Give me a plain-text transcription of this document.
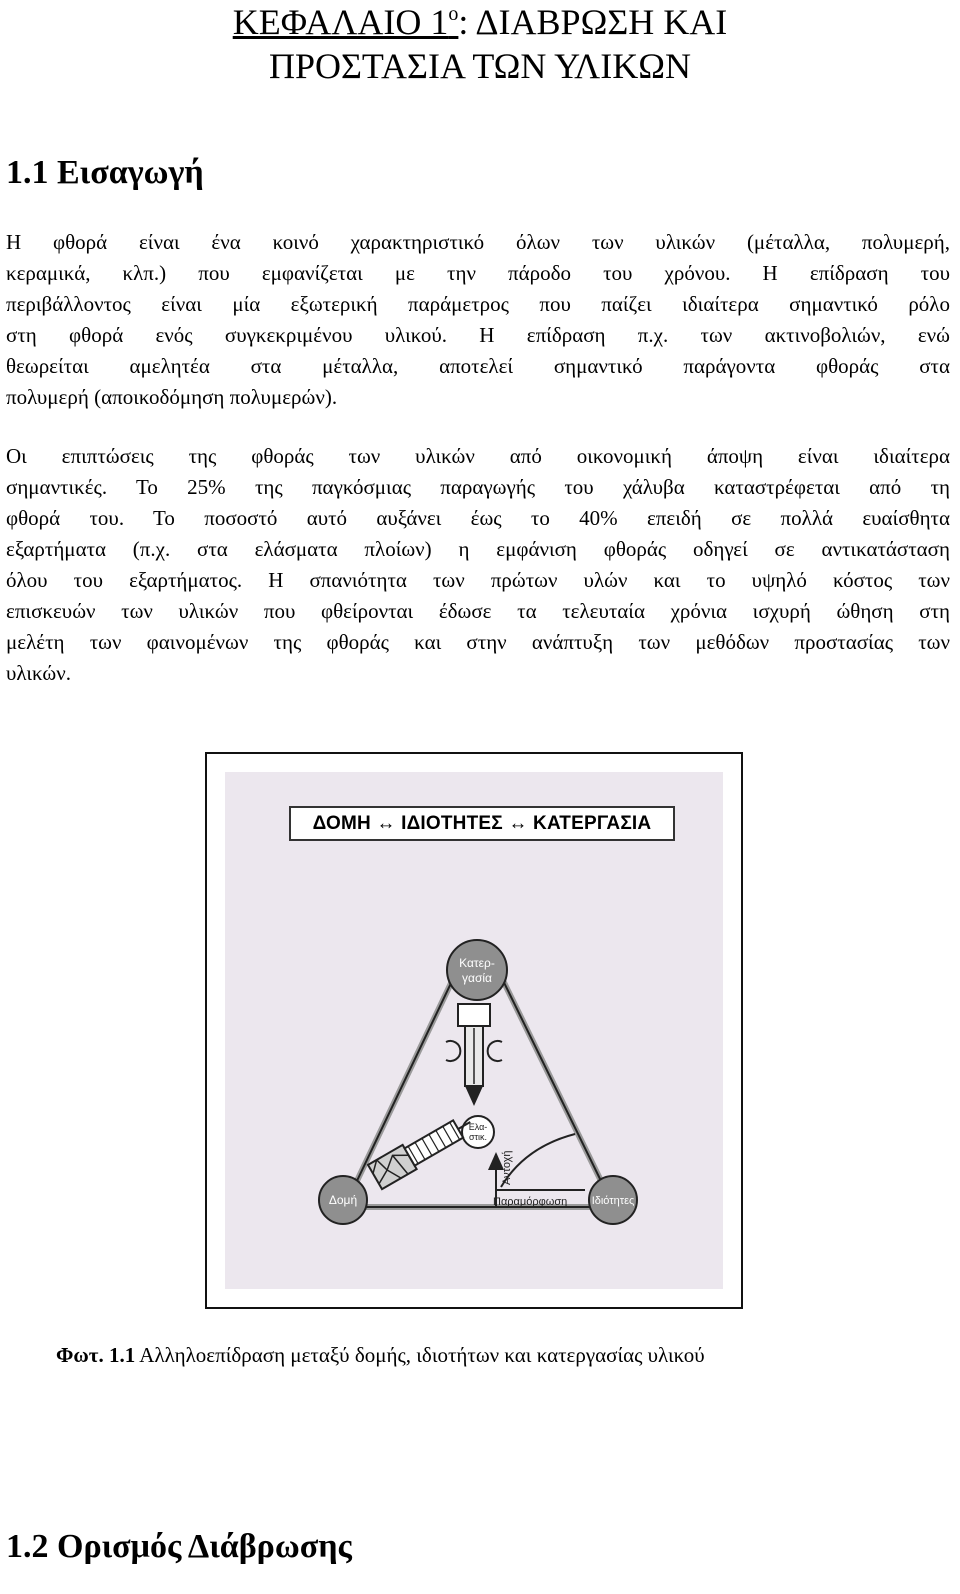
ΚΕΦΑΛΑΙΟ $1^o$: ΔΙΑΒΡΩΣΗ ΚΑΙ
ΠΡΟΣΤΑΣΙΑ ΤΩΝ ΥΛΙΚΩΝ
1.1 Εισαγωγή
Η φθορά είναι ένα κοινό χαρακτηριστικό όλων των υλικών (μέταλλα, πολυμερή,
κεραμικά, κλπ.) που εμφανίζεται με την πάροδο του χρόνου. Η επίδραση του
περιβάλλοντος είναι μία εξωτερική παράμετρος που παίζει ιδιαίτερα σημαντικό ρόλο
στη φθορά ενός συγκεκριμένου υλικού. Η επίδραση π.χ. των ακτινοβολιών, ενώ
θεωρείται αμελητέα στα μέταλλα, αποτελεί σημαντικό παράγοντα φθοράς στα
πολυμερή (αποικοδόμηση πολυμερών).
Οι επιπτώσεις της φθοράς των υλικών από οικονομική άποψη είναι ιδιαίτερα
σημαντικές. Το 25% της παγκόσμιας παραγωγής του χάλυβα καταστρέφεται από τη
φθορά του. Το ποσοστό αυτό αυξάνει έως το 40% επειδή σε πολλά ευαίσθητα
εξαρτήματα (π.χ. στα ελάσματα πλοίων) η εμφάνιση φθοράς οδηγεί σε αντικατάσταση
όλου του εξαρτήματος. Η σπανιότητα των πρώτων υλών και το υψηλό κόστος των
επισκευών των υλικών που φθείρονται έδωσε τα τελευταία χρόνια ισχυρή ώθηση στη
μελέτη των φαινομένων της φθοράς και στην ανάπτυξη των μεθόδων προστασίας των
υλικών.
Κατερ-
γασία
Ελα-
στικ.
Αντοχή
Παραμόρφωση
Δομή	Ιδιότητες
ΔΟΜΗ ↔ ΙΔΙΟΤΗΤΕΣ ↔ ΚΑΤΕΡΓΑΣΙΑ
Φωτ. 1.1 Αλληλοεπίδραση μεταξύ δομής, ιδιοτήτων και κατεργασίας υλικού
1.2 Ορισμός Διάβρωσης
